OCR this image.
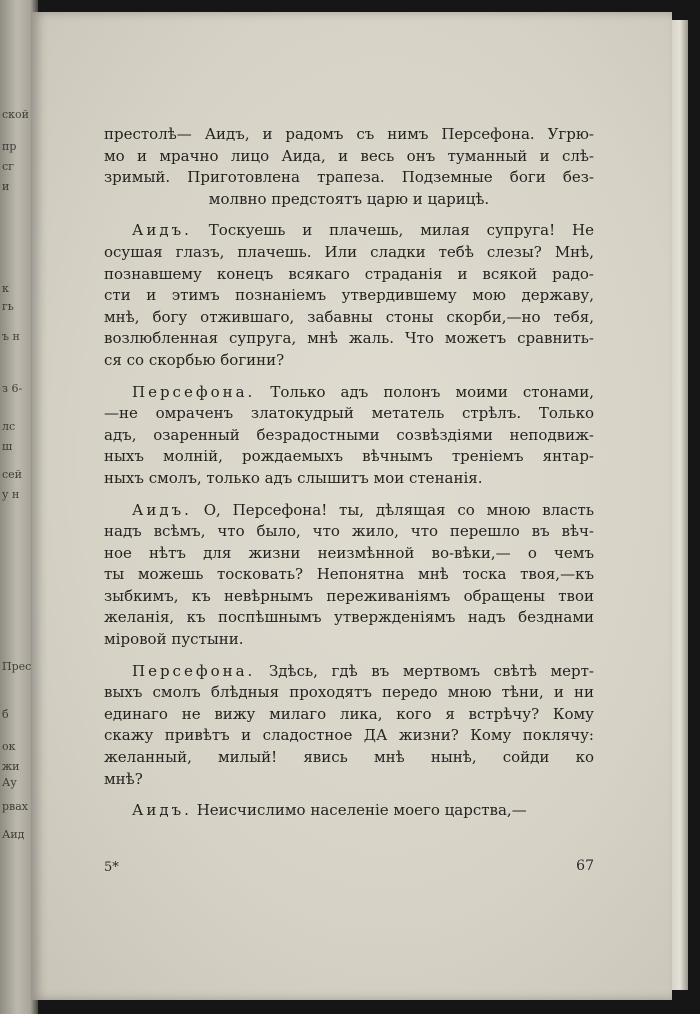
ской
пр
сг
и
к
гь
ъ н
з 6-
лс
ш
сей
у н
Прес
б
ок
жи
Ау
рвах
Аид
престолѣ— Аидъ, и радомъ съ нимъ Персефона. Угрю-
мо и мрачно лицо Аида, и весь онъ туманный и слѣ-
зримый. Приготовлена трапеза. Подземные боги без-
молвно предстоятъ царю и царицѣ.
Аидъ. Тоскуешь и плачешь, милая супруга! Не
осушая глазъ, плачешь. Или сладки тебѣ слезы? Мнѣ,
познавшему конецъ всякаго страданія и всякой радо-
сти и этимъ познаніемъ утвердившему мою державу,
мнѣ, богу отжившаго, забавны стоны скорби,—но тебя,
возлюбленная супруга, мнѣ жаль. Что можетъ сравнить-
ся со скорбью богини?
Персефона. Только адъ полонъ моими стонами,
—не омраченъ златокудрый метатель стрѣлъ. Только
адъ, озаренный безрадостными созвѣздіями неподвиж-
ныхъ молній, рождаемыхъ вѣчнымъ треніемъ янтар-
ныхъ смолъ, только адъ слышитъ мои стенанія.
Аидъ. О, Персефона! ты, дѣлящая со мною власть
надъ всѣмъ, что было, что жило, что перешло въ вѣч-
ное нѣтъ для жизни неизмѣнной во-вѣки,— о чемъ
ты можешь тосковать? Непонятна мнѣ тоска твоя,—къ
зыбкимъ, къ невѣрнымъ переживаніямъ обращены твои
желанія, къ поспѣшнымъ утвержденіямъ надъ безднами
міровой пустыни.
Персефона. Здѣсь, гдѣ въ мертвомъ свѣтѣ мерт-
выхъ смолъ блѣдныя проходятъ передо мною тѣни, и ни
единаго не вижу милаго лика, кого я встрѣчу? Кому
скажу привѣтъ и сладостное ДА жизни? Кому поклячу:
желанный, милый! явись мнѣ нынѣ, сойди ко
мнѣ?
Аидъ. Неисчислимо населеніе моего царства,—
5*	67
